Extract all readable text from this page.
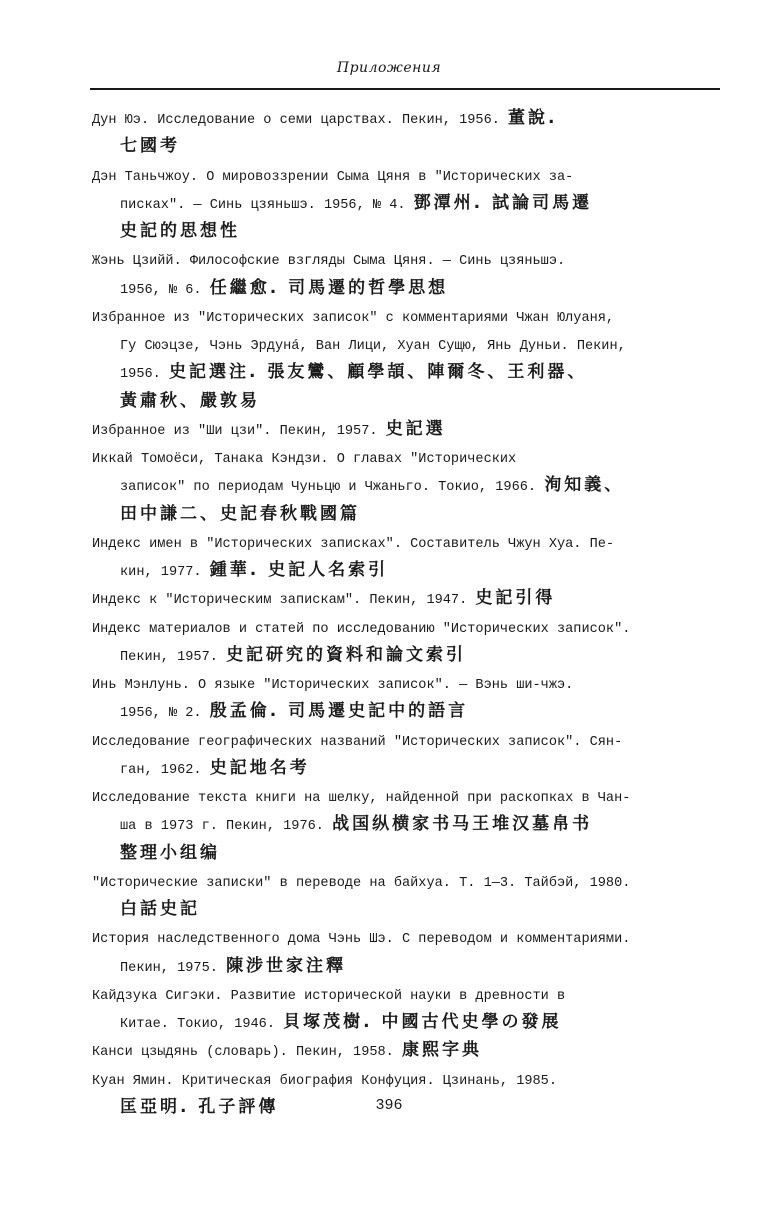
Приложения
Дун Юэ. Исследование о семи царствах. Пекин, 1956. 董說.
七國考
Дэн Таньчжоу. О мировоззрении Сыма Цяня в "Исторических за-
писках". — Синь цзяньшэ. 1956, № 4. 鄧潭州. 試論司馬遷
史記的思想性
Жэнь Цзийй. Философские взгляды Сыма Цяня. — Синь цзяньшэ.
1956, № 6. 任繼愈. 司馬遷的哲學思想
Избранное из "Исторических записок" с комментариями Чжан Юлуаня,
Гу Сюэцзе, Чэнь Эрдунá, Ван Лици, Хуан Сущю, Янь Дуньи. Пекин,
1956. 史記選注. 張友鸞、顧學頡、陣爾冬、王利器、
黃肅秋、嚴敦易
Избранное из "Ши цзи". Пекин, 1957. 史記選
Иккай Томоёси, Танака Кэндзи. О главах "Исторических
записок" по периодам Чуньцю и Чжаньго. Токио, 1966. 洵知義、
田中謙二、史記春秋戰國篇
Индекс имен в "Исторических записках". Составитель Чжун Хуа. Пе-
кин, 1977. 鍾華. 史記人名索引
Индекс к "Историческим запискам". Пекин, 1947. 史記引得
Индекс материалов и статей по исследованию "Исторических записок".
Пекин, 1957. 史記研究的資料和論文索引
Инь Мэнлунь. О языке "Исторических записок". — Вэнь ши-чжэ.
1956, № 2. 殷孟倫. 司馬遷史記中的語言
Исследование географических названий "Исторических записок". Сян-
ган, 1962. 史記地名考
Исследование текста книги на шелку, найденной при раскопках в Чан-
ша в 1973 г. Пекин, 1976. 战国纵横家书马王堆汉墓帛书
整理小组编
"Исторические записки" в переводе на байхуа. Т. 1—3. Тайбэй, 1980.
白話史記
История наследственного дома Чэнь Шэ. С переводом и комментариями.
Пекин, 1975. 陳涉世家注釋
Кайдзука Сигэки. Развитие исторической науки в древности в
Китае. Токио, 1946. 貝塚茂樹. 中國古代史學の發展
Канси цзыдянь (словарь). Пекин, 1958. 康熙字典
Куан Ямин. Критическая биография Конфуция. Цзинань, 1985.
匡亞明. 孔子評傳	396
